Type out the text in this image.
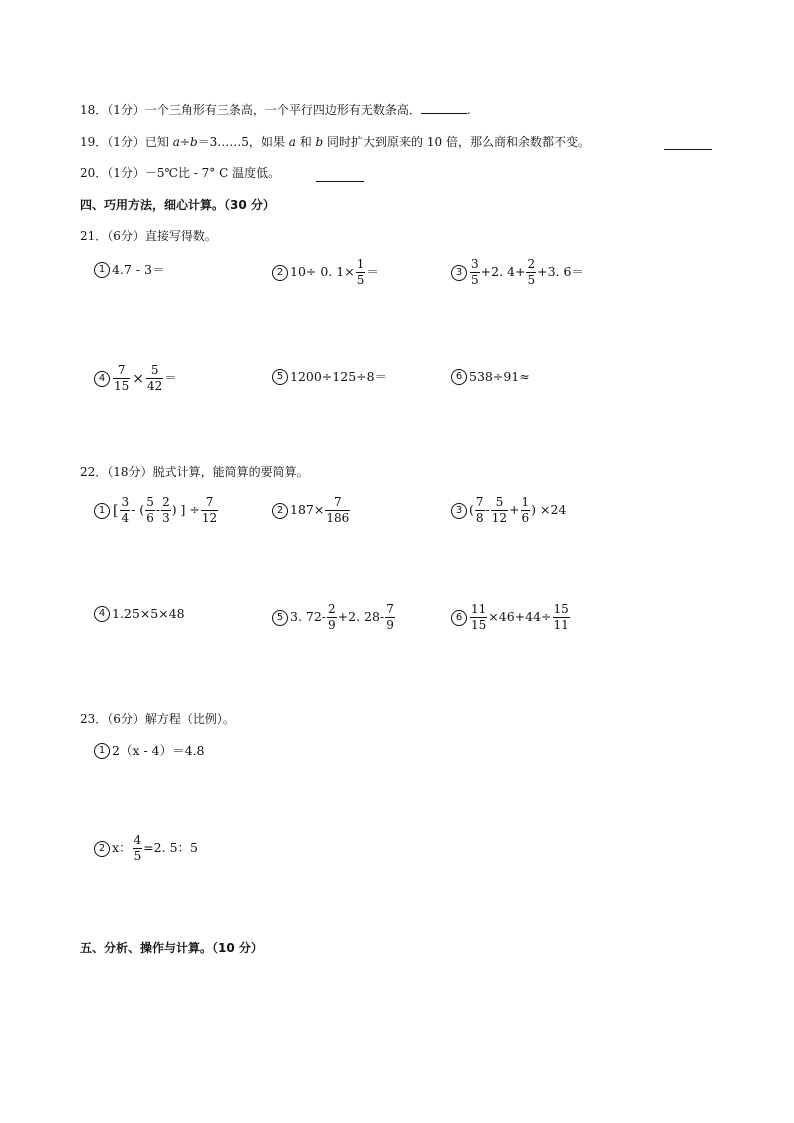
18．（1分）一个三角形有三条高，一个平行四边形有无数条高．	.
19．（1分）已知 a÷b＝3……5，如果 a 和 b 同时扩大到原来的 10 倍，那么商和余数都不变。
20．（1分）－5℃比 - 7° C 温度低。
四、巧用方法，细心计算。（30 分）
21．（6分）直接写得数。
1 4.7 - 3＝	2 10÷ 0. $1\times \frac{1}{5}$ ＝	$3 \frac{3}{5} +2$. $4+ \frac{2}{5} +3$. 6＝
$4 \frac{7}{15} \times \frac{5}{42}$ ＝	5 1200÷125÷8＝	6 538÷91≈
22．（18分）脱式计算，能简算的要简算。
1 [ $\frac{3}{4}$ - ( $\frac{5}{6} - \frac{2}{3}$ ) ] ÷ $\frac{7}{12}$	2 $187\times \frac{7}{186}$	3 ( $\frac{7}{8} - \frac{5}{12} + \frac{1}{6}$ ) ×24
4 1.25×5×48	5 3. $72- \frac{2}{9} +2$. $28- \frac{7}{9}$	$6 \frac{11}{15} \times 46+44\div \frac{15}{11}$
23．（6分）解方程（比例）。
1 2（x - 4）＝4.8
2 x： $\frac{4}{5} =2$. 5：5
五、分析、操作与计算。（10 分）
